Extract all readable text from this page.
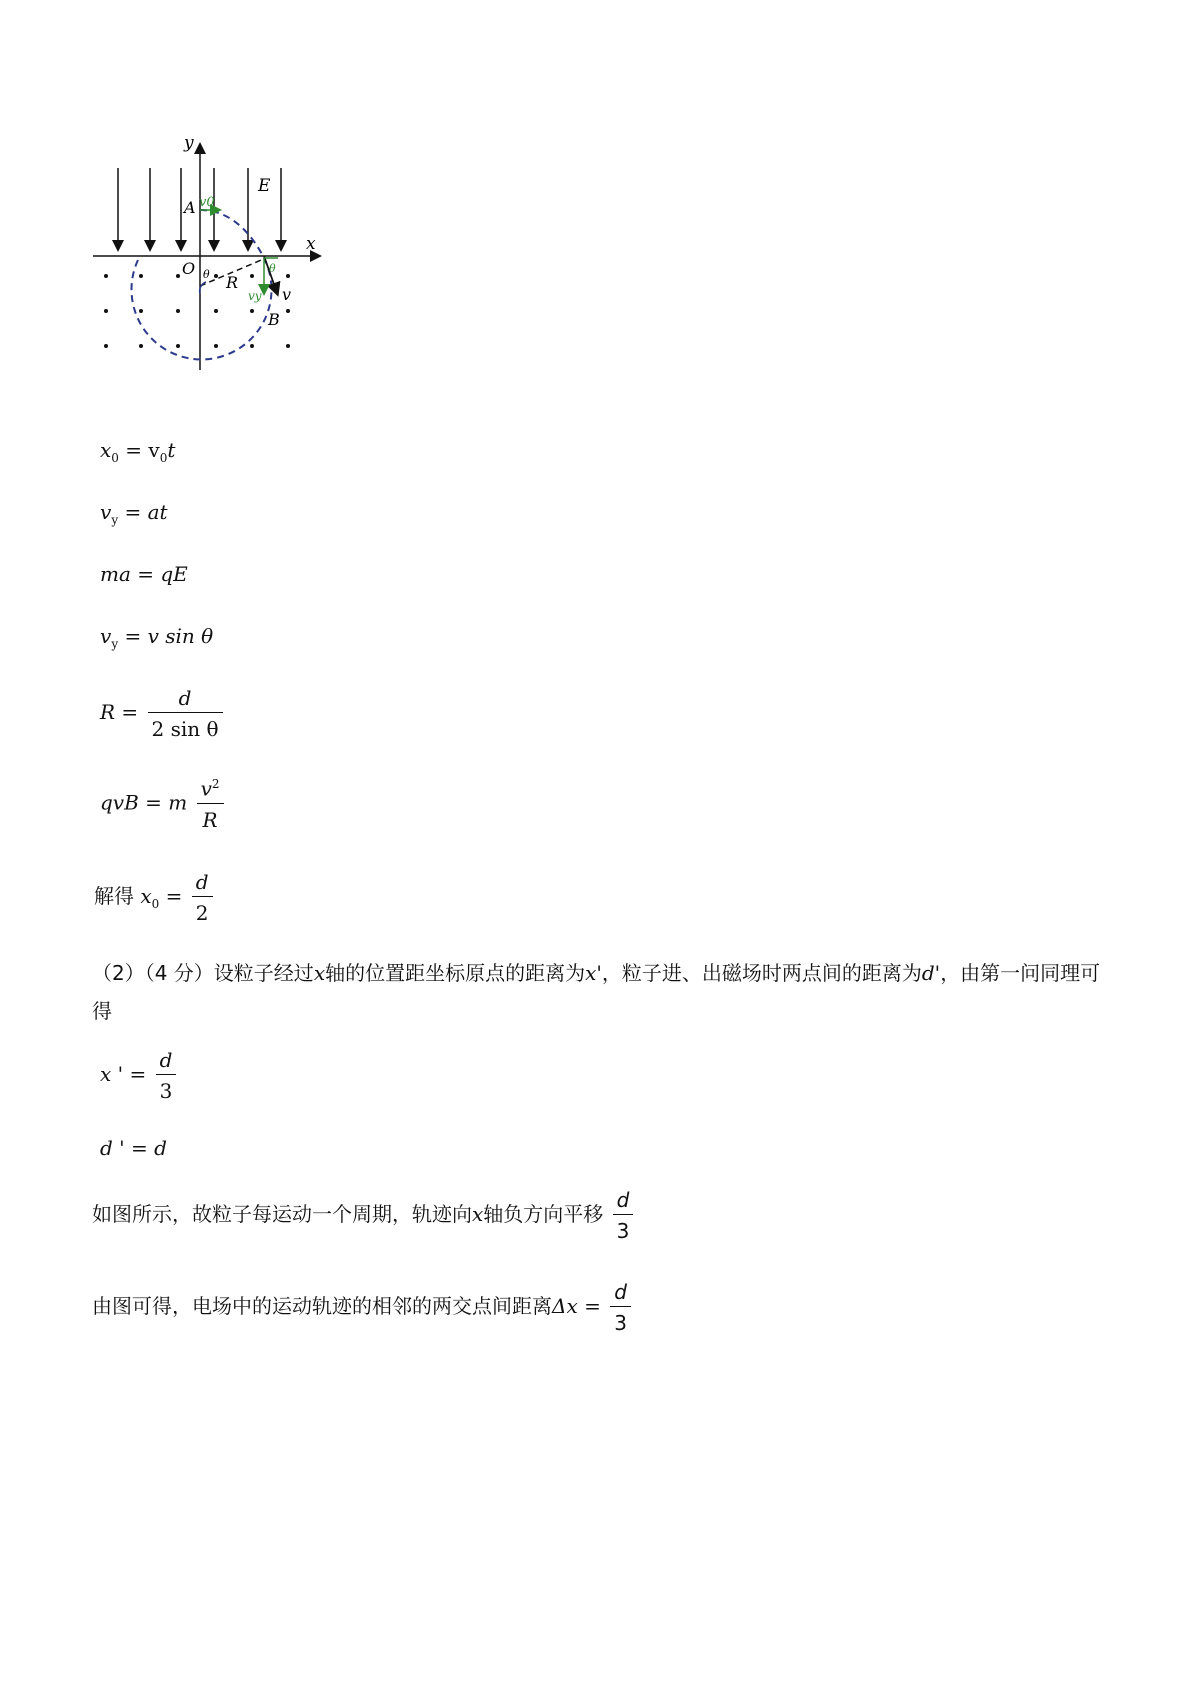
y
x
E
A v0
O θ R
θ
vy v
B
$x_0 = v_0t$
$v_y$ = at
ma = qE
$v_y = v$ sin θ
$R = \frac{d}{\text{2 sin θ}}$
qvB = m $\frac{v^2}{R}$
解得 $x_0 = \frac{d}{2}$
（2）（4 分）设粒子经过x轴的位置距坐标原点的距离为x'，粒子进、出磁场时两点间的距离为d'，由第一问同理可得
x ' = $\frac{d}{3}$
d ' = d
如图所示，故粒子每运动一个周期，轨迹向x轴负方向平移 $\frac{d}{3}$
由图可得，电场中的运动轨迹的相邻的两交点间距离$\Delta x = \frac{d}{3}$
